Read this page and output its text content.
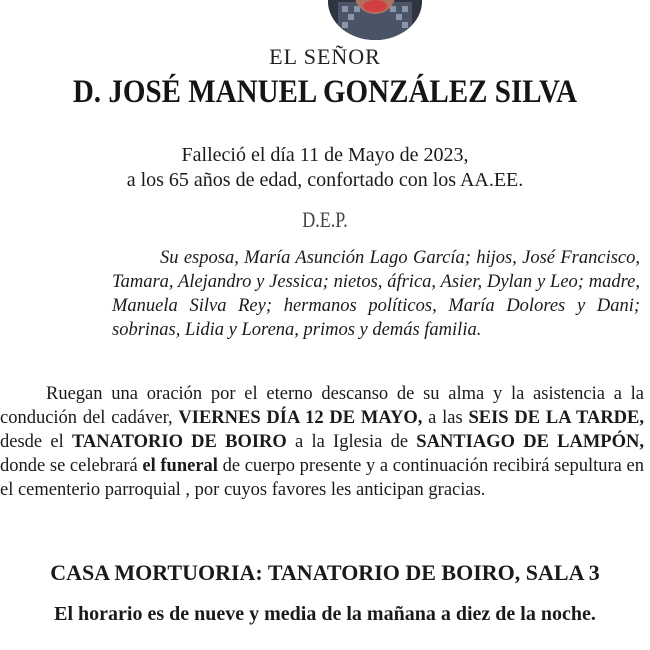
EL SEÑOR
D. JOSÉ MANUEL GONZÁLEZ SILVA
Falleció el día 11 de Mayo de 2023,
a los 65 años de edad, confortado con los AA.EE.
D.E.P.
Su esposa, María Asunción Lago García; hijos, José Francisco, Tamara, Alejandro y Jessica; nietos, áfrica, Asier, Dylan y Leo; madre, Manuela Silva Rey; hermanos políticos, María Dolores y Dani; sobrinas, Lidia y Lorena, primos y demás familia.
Ruegan una oración por el eterno descanso de su alma y la asistencia a la condución del cadáver, VIERNES DÍA 12 DE MAYO, a las SEIS DE LA TARDE, desde el TANATORIO DE BOIRO a la Iglesia de SANTIAGO DE LAMPÓN, donde se celebrará el funeral de cuerpo presente y a continuación recibirá sepultura en el cementerio parroquial , por cuyos favores les anticipan gracias.
CASA MORTUORIA: TANATORIO DE BOIRO, SALA 3
El horario es de nueve y media de la mañana a diez de la noche.
